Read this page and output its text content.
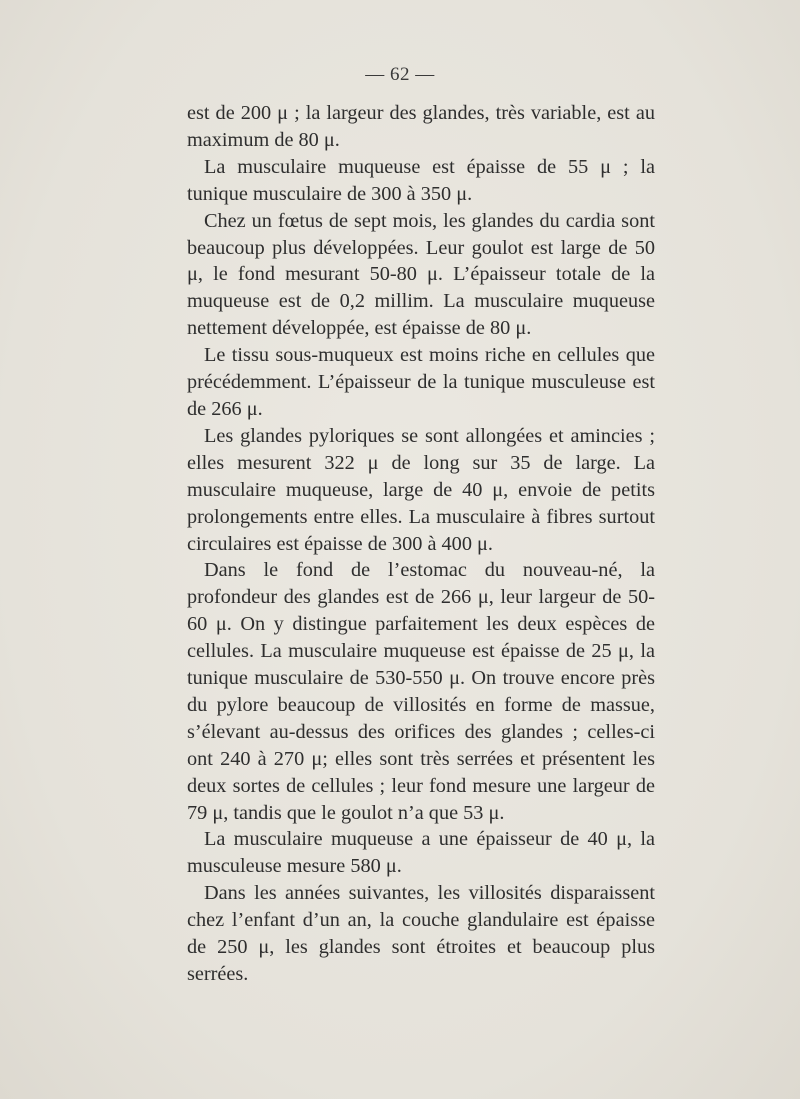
— 62 —

est de 200 μ ; la largeur des glandes, très variable, est au maximum de 80 μ.

La musculaire muqueuse est épaisse de 55 μ ; la tunique musculaire de 300 à 350 μ.

Chez un fœtus de sept mois, les glandes du cardia sont beaucoup plus développées. Leur goulot est large de 50 μ, le fond mesurant 50-80 μ. L’épaisseur totale de la muqueuse est de 0,2 millim. La musculaire muqueuse nettement développée, est épaisse de 80 μ.

Le tissu sous-muqueux est moins riche en cellules que précédemment. L’épaisseur de la tunique musculeuse est de 266 μ.

Les glandes pyloriques se sont allongées et amincies ; elles mesurent 322 μ de long sur 35 de large. La musculaire muqueuse, large de 40 μ, envoie de petits prolongements entre elles. La musculaire à fibres surtout circulaires est épaisse de 300 à 400 μ.

Dans le fond de l’estomac du nouveau-né, la profondeur des glandes est de 266 μ, leur largeur de 50-60 μ. On y distingue parfaitement les deux espèces de cellules. La musculaire muqueuse est épaisse de 25 μ, la tunique musculaire de 530-550 μ. On trouve encore près du pylore beaucoup de villosités en forme de massue, s’élevant au-dessus des orifices des glandes ; celles-ci ont 240 à 270 μ; elles sont très serrées et présentent les deux sortes de cellules ; leur fond mesure une largeur de 79 μ, tandis que le goulot n’a que 53 μ.

La musculaire muqueuse a une épaisseur de 40 μ, la musculeuse mesure 580 μ.

Dans les années suivantes, les villosités disparaissent chez l’enfant d’un an, la couche glandulaire est épaisse de 250 μ, les glandes sont étroites et beaucoup plus serrées.
